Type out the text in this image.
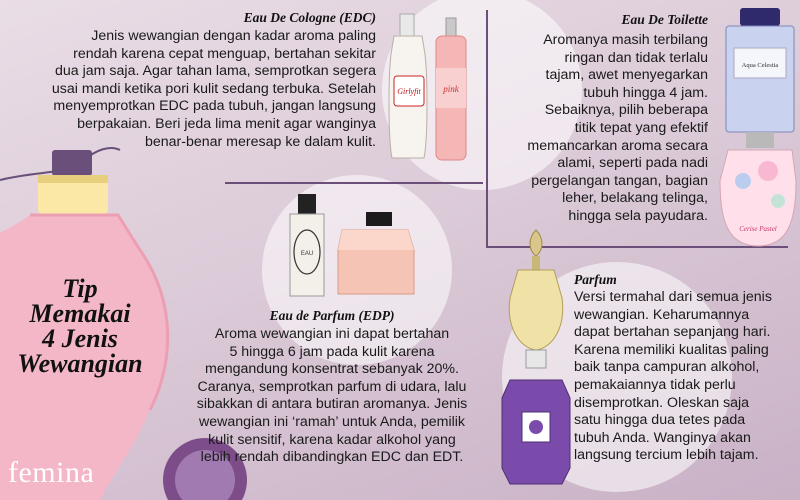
Tip
Memakai
4 Jenis
Wewangian
femina
Girlyfit pink
Aqua Celestia
Cerise Pastel
EAU
Eau De Cologne (EDC)
Jenis wewangian dengan kadar aroma paling
rendah karena cepat menguap, bertahan sekitar
dua jam saja. Agar tahan lama, semprotkan segera
usai mandi ketika pori kulit sedang terbuka. Setelah
menyemprotkan EDC pada tubuh, jangan langsung
berpakaian. Beri jeda lima menit agar wanginya
benar-benar meresap ke dalam kulit.
Eau De Toilette
Aromanya masih terbilang
ringan dan tidak terlalu
tajam, awet menyegarkan
tubuh hingga 4 jam.
Sebaiknya, pilih beberapa
titik tepat yang efektif
memancarkan aroma secara
alami, seperti pada nadi
pergelangan tangan, bagian
leher, belakang telinga,
hingga sela payudara.
Eau de Parfum (EDP)
Aroma wewangian ini dapat bertahan
5 hingga 6 jam pada kulit karena
mengandung konsentrat sebanyak 20%.
Caranya, semprotkan parfum di udara, lalu
sibakkan di antara butiran aromanya. Jenis
wewangian ini ‘ramah’ untuk Anda, pemilik
kulit sensitif, karena kadar alkohol yang
lebih rendah dibandingkan EDC dan EDT.
Parfum
Versi termahal dari semua jenis
wewangian. Keharumannya
dapat bertahan sepanjang hari.
Karena memiliki kualitas paling
baik tanpa campuran alkohol,
pemakaiannya tidak perlu
disemprotkan. Oleskan saja
satu hingga dua tetes pada
tubuh Anda. Wanginya akan
langsung tercium lebih tajam.
